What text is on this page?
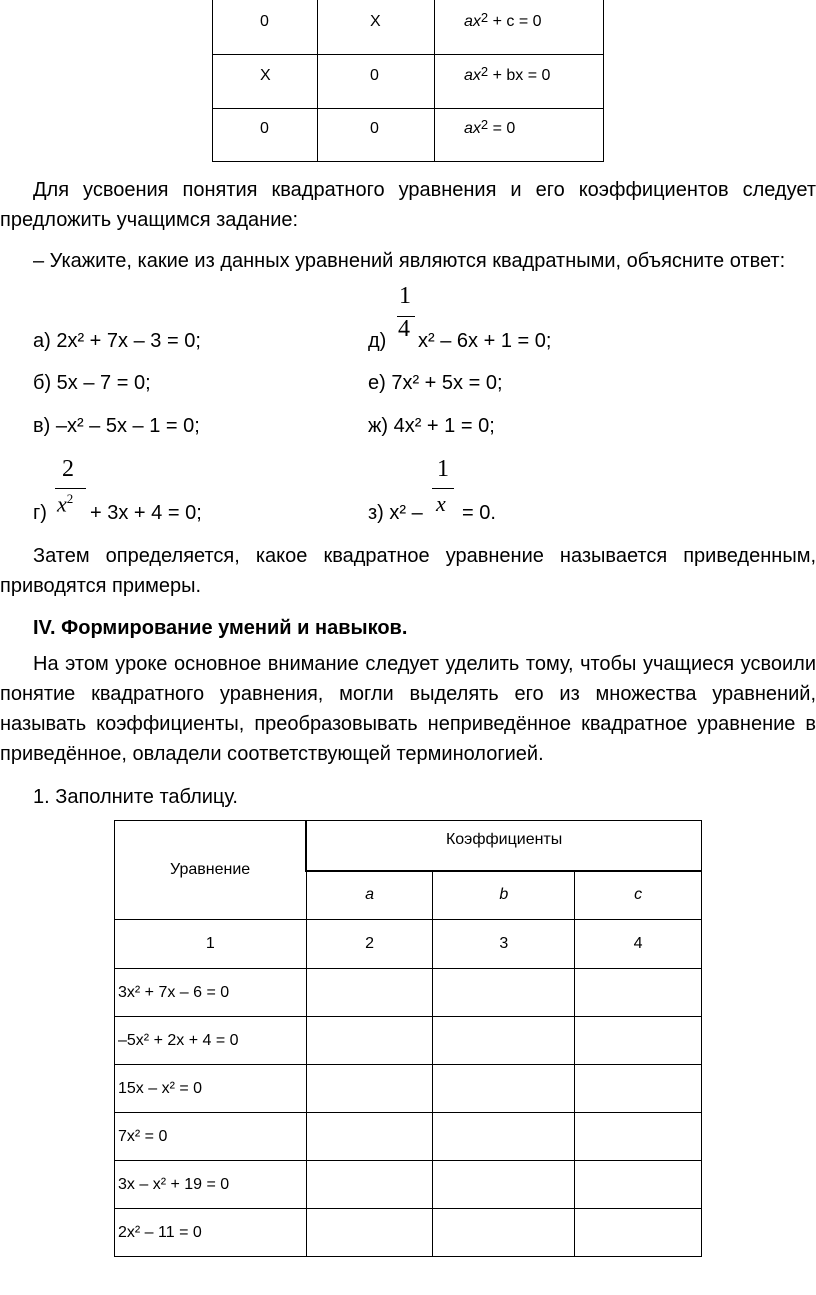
0	X	$ax^2 + c = 0$
X	0	$ax^2$ + bx = 0
0	0	$ax^2 = 0$
Для усвоения понятия квадратного уравнения и его коэффициентов следует предложить учащимся задание:
– Укажите, какие из данных уравнений являются квадратными, объясните ответ:
а) 2x² + 7x – 3 = 0;	д)
1
4 x² – 6x + 1 = 0;
б) 5x – 7 = 0;	е) 7x² + 5x = 0;
в) –x² – 5x – 1 = 0;	ж) 4x² + 1 = 0;
г)
2
$x^2$
+ 3x + 4 = 0;	з) x² –
1
x = 0.
Затем определяется, какое квадратное уравнение называется приведенным, приводятся примеры.
IV. Формирование умений и навыков.
На этом уроке основное внимание следует уделить тому, чтобы учащиеся усвоили понятие квадратного уравнения, могли выделять его из множества уравнений, называть коэффициенты, преобразовывать неприведённое квадратное уравнение в приведённое, овладели соответствующей терминологией.
1. Заполните таблицу.
Уравнение	Коэффициенты		
	a	b	c
1	2	3	4
3x² + 7x – 6 = 0			
–5x² + 2x + 4 = 0			
15x – x² = 0			
7x² = 0			
3x – x² + 19 = 0			
2x² – 11 = 0			
